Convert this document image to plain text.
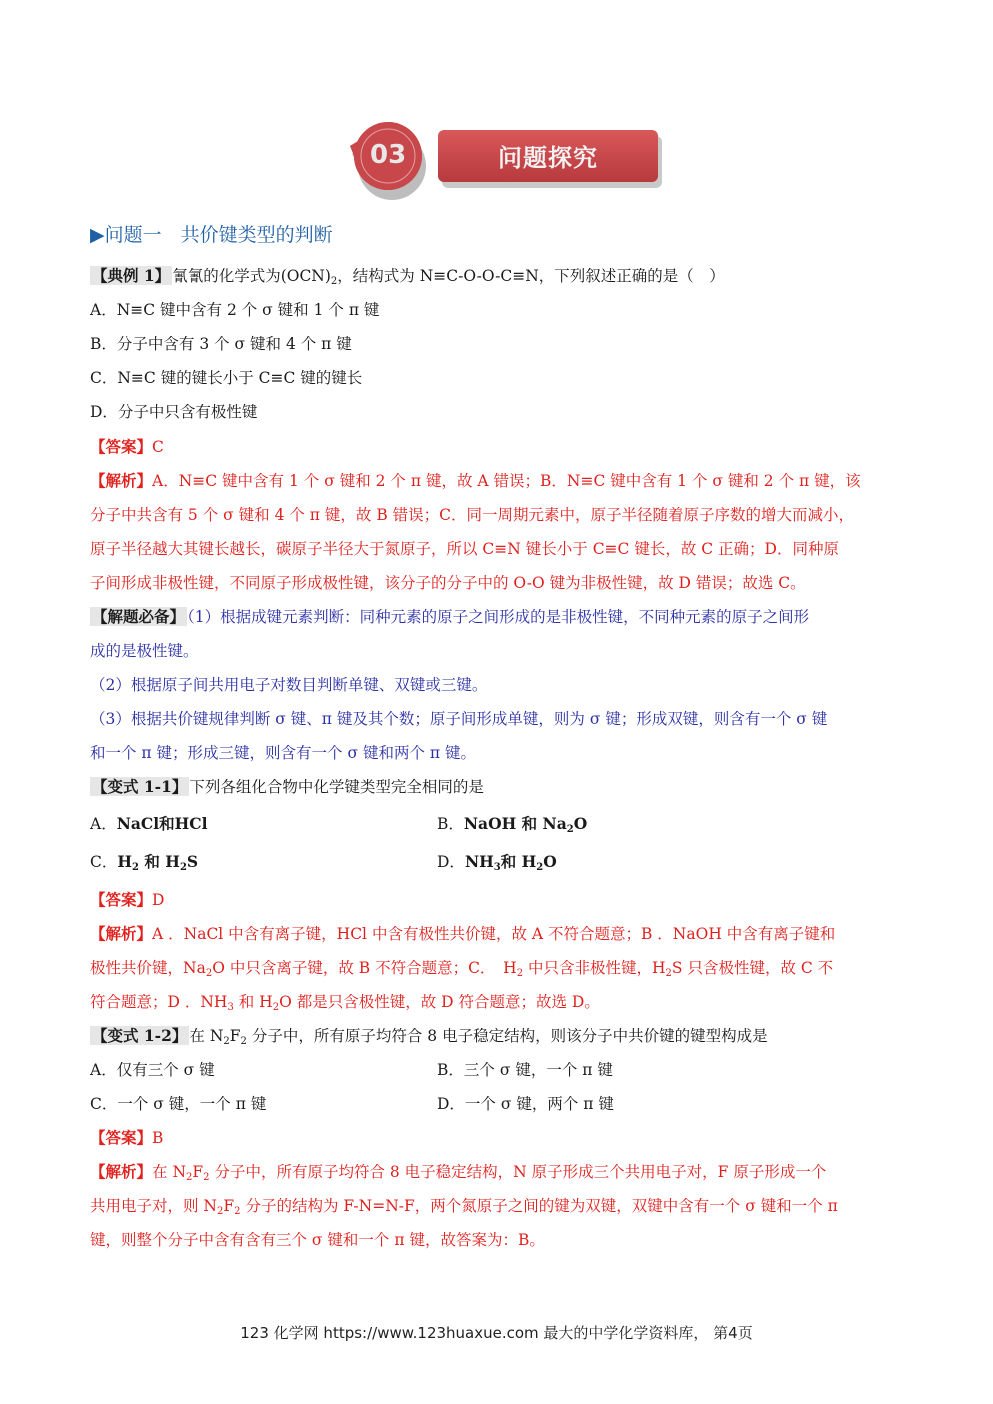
03	问题探究
▶问题一　共价键类型的判断
【典例 1】 氰氰的化学式为$(OCN)_2$，结构式为 N≡C-O-O-C≡N，下列叙述正确的是（　）
A．N≡C 键中含有 2 个 σ 键和 1 个 π 键
B．分子中含有 3 个 σ 键和 4 个 π 键
C．N≡C 键的键长小于 C≡C 键的键长
D．分子中只含有极性键
【答案】C
【解析】A．N≡C 键中含有 1 个 σ 键和 2 个 π 键，故 A 错误；B．N≡C 键中含有 1 个 σ 键和 2 个 π 键，该
分子中共含有 5 个 σ 键和 4 个 π 键，故 B 错误；C．同一周期元素中，原子半径随着原子序数的增大而减小，
原子半径越大其键长越长，碳原子半径大于氮原子，所以 C≡N 键长小于 C≡C 键长，故 C 正确；D．同种原
子间形成非极性键，不同原子形成极性键，该分子的分子中的 O-O 键为非极性键，故 D 错误；故选 C。
【解题必备】 （1）根据成键元素判断：同种元素的原子之间形成的是非极性键，不同种元素的原子之间形
成的是极性键。
（2）根据原子间共用电子对数目判断单键、双键或三键。
（3）根据共价键规律判断 σ 键、π 键及其个数；原子间形成单键，则为 σ 键；形成双键，则含有一个 σ 键
和一个 π 键；形成三键，则含有一个 σ 键和两个 π 键。
【变式 1-1】 下列各组化合物中化学键类型完全相同的是
A．NaCl和HCl	B．NaOH 和 $Na_2O$
C．$H_2$ 和 $H_2S$	D．$NH_3$和 $H_2O$
【答案】D
【解析】A ．NaCl 中含有离子键，HCl 中含有极性共价键，故 A 不符合题意；B ．NaOH 中含有离子键和
极性共价键，$Na_2O$ 中只含离子键，故 B 不符合题意；C．　$H_2$ 中只含非极性键，$H_2S$ 只含极性键，故 C 不
符合题意；D ．$NH_3$ 和 $H_2O$ 都是只含极性键，故 D 符合题意；故选 D。
【变式 1-2】 在 $N_2F_2$ 分子中，所有原子均符合 8 电子稳定结构，则该分子中共价键的键型构成是
A．仅有三个 σ 键	B．三个 σ 键，一个 π 键
C．一个 σ 键，一个 π 键	D．一个 σ 键，两个 π 键
【答案】B
【解析】在 $N_2F_2$ 分子中，所有原子均符合 8 电子稳定结构，N 原子形成三个共用电子对，F 原子形成一个
共用电子对，则 $N_2F_2$ 分子的结构为 F-N=N-F，两个氮原子之间的键为双键，双键中含有一个 σ 键和一个 π
键，则整个分子中含有含有三个 σ 键和一个 π 键，故答案为：B。
123 化学网 https://www.123huaxue.com 最大的中学化学资料库， 第4页
